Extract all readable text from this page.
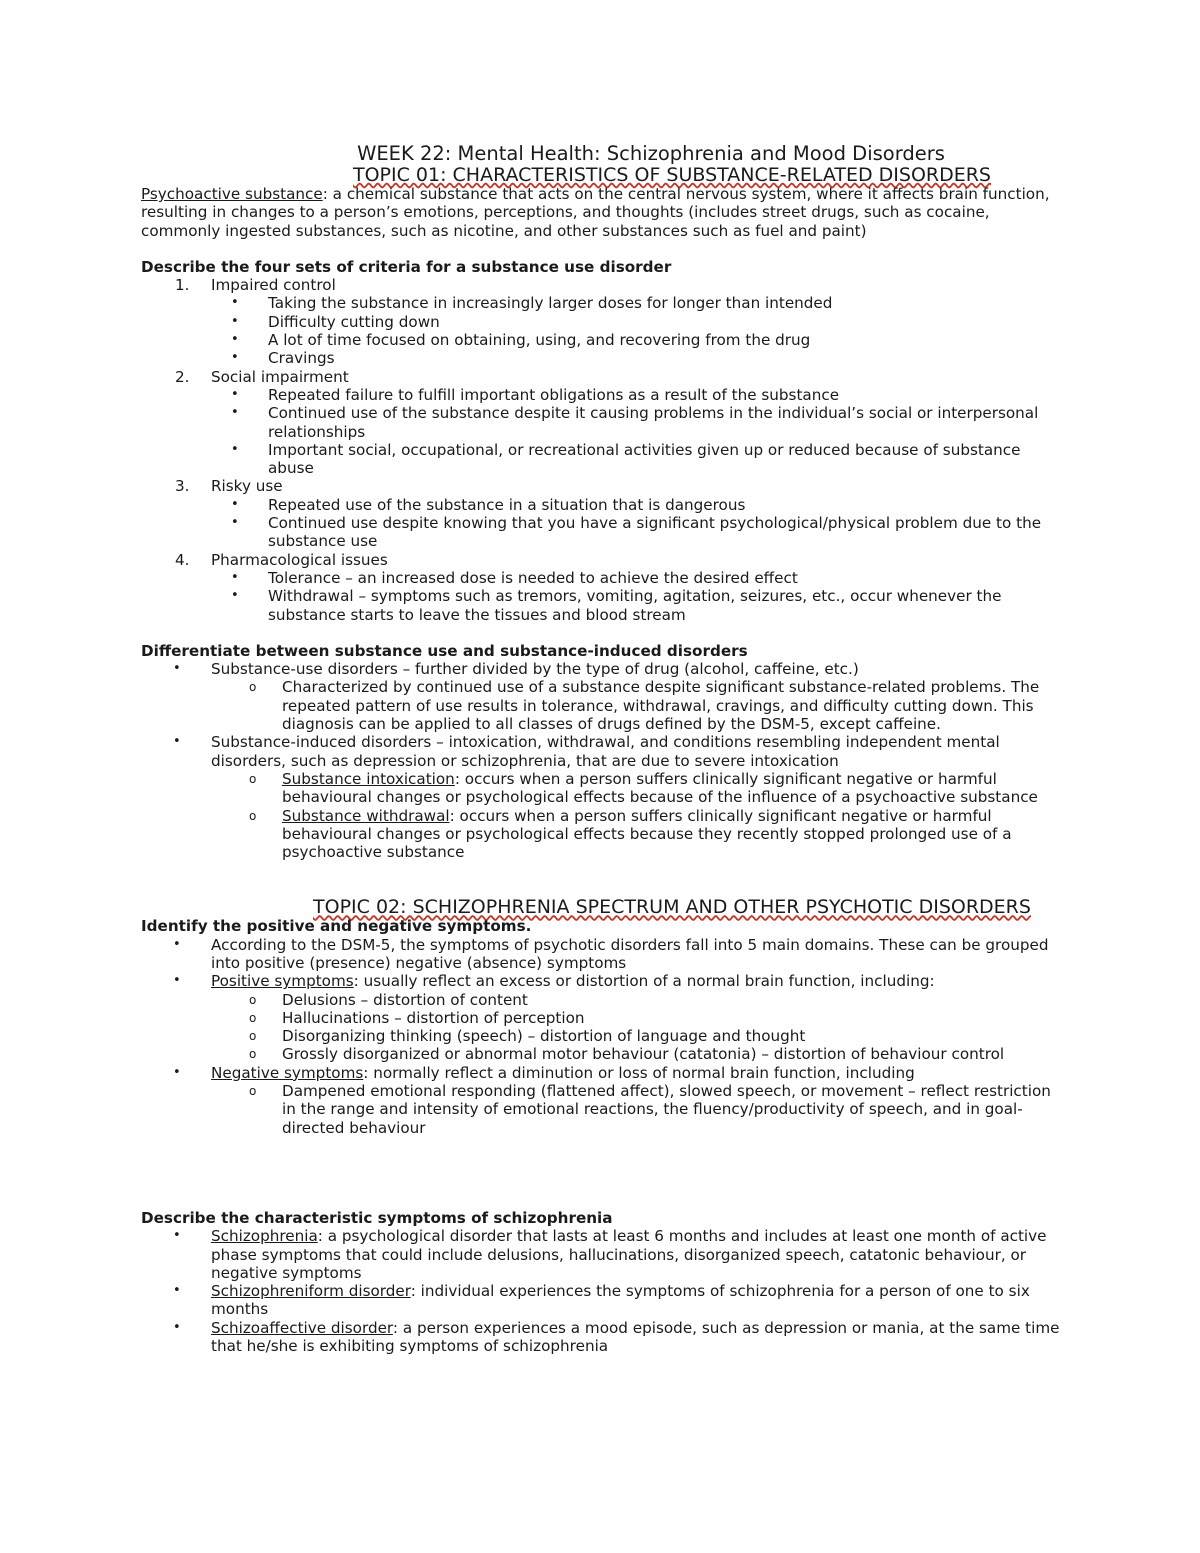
WEEK 22: Mental Health: Schizophrenia and Mood Disorders
TOPIC 01: CHARACTERISTICS OF SUBSTANCE-RELATED DISORDERS

Psychoactive substance: a chemical substance that acts on the central nervous system, where it affects brain function, resulting in changes to a person’s emotions, perceptions, and thoughts (includes street drugs, such as cocaine, commonly ingested substances, such as nicotine, and other substances such as fuel and paint)

Describe the four sets of criteria for a substance use disorder

1. Impaired control
• Taking the substance in increasingly larger doses for longer than intended
• Difficulty cutting down
• A lot of time focused on obtaining, using, and recovering from the drug
• Cravings
2. Social impairment
• Repeated failure to fulfill important obligations as a result of the substance
• Continued use of the substance despite it causing problems in the individual’s social or interpersonal relationships
• Important social, occupational, or recreational activities given up or reduced because of substance abuse
3. Risky use
• Repeated use of the substance in a situation that is dangerous
• Continued use despite knowing that you have a significant psychological/physical problem due to the substance use
4. Pharmacological issues
• Tolerance – an increased dose is needed to achieve the desired effect
• Withdrawal – symptoms such as tremors, vomiting, agitation, seizures, etc., occur whenever the substance starts to leave the tissues and blood stream

Differentiate between substance use and substance-induced disorders

• Substance-use disorders – further divided by the type of drug (alcohol, caffeine, etc.)
o Characterized by continued use of a substance despite significant substance-related problems. The repeated pattern of use results in tolerance, withdrawal, cravings, and difficulty cutting down. This diagnosis can be applied to all classes of drugs defined by the DSM-5, except caffeine.
• Substance-induced disorders – intoxication, withdrawal, and conditions resembling independent mental disorders, such as depression or schizophrenia, that are due to severe intoxication
o Substance intoxication: occurs when a person suffers clinically significant negative or harmful behavioural changes or psychological effects because of the influence of a psychoactive substance
o Substance withdrawal: occurs when a person suffers clinically significant negative or harmful behavioural changes or psychological effects because they recently stopped prolonged use of a psychoactive substance
TOPIC 02: SCHIZOPHRENIA SPECTRUM AND OTHER PSYCHOTIC DISORDERS

Identify the positive and negative symptoms.

• According to the DSM-5, the symptoms of psychotic disorders fall into 5 main domains. These can be grouped into positive (presence) negative (absence) symptoms
• Positive symptoms: usually reflect an excess or distortion of a normal brain function, including:
o Delusions – distortion of content
o Hallucinations – distortion of perception
o Disorganizing thinking (speech) – distortion of language and thought
o Grossly disorganized or abnormal motor behaviour (catatonia) – distortion of behaviour control
• Negative symptoms: normally reflect a diminution or loss of normal brain function, including
o Dampened emotional responding (flattened affect), slowed speech, or movement – reflect restriction in the range and intensity of emotional reactions, the fluency/productivity of speech, and in goal-directed behaviour

Describe the characteristic symptoms of schizophrenia

• Schizophrenia: a psychological disorder that lasts at least 6 months and includes at least one month of active phase symptoms that could include delusions, hallucinations, disorganized speech, catatonic behaviour, or negative symptoms
• Schizophreniform disorder: individual experiences the symptoms of schizophrenia for a person of one to six months
• Schizoaffective disorder: a person experiences a mood episode, such as depression or mania, at the same time that he/she is exhibiting symptoms of schizophrenia
